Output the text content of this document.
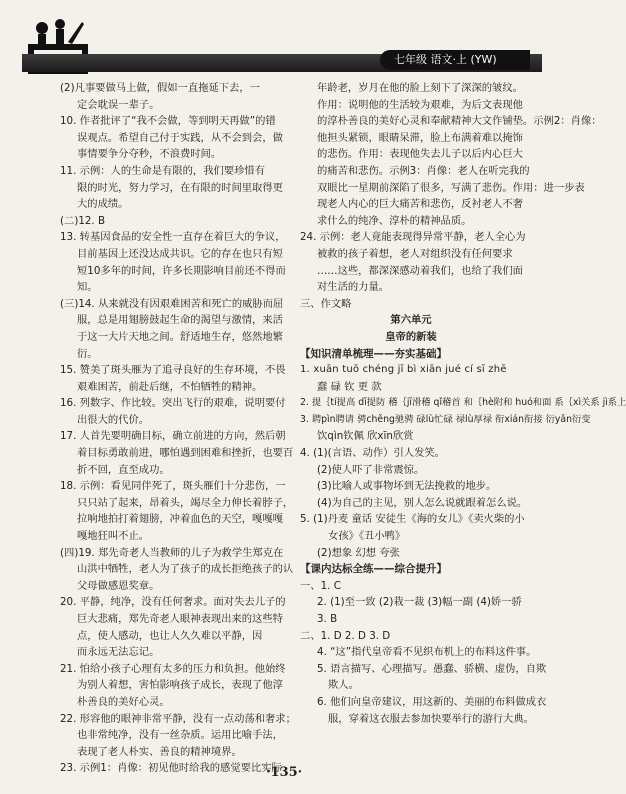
七年级 语文·上 (YW)
(2)凡事要做马上做，假如一直拖延下去，一
定会耽误一辈子。
10. 作者批评了“我不会做，等到明天再做”的错
误观点。希望自己付于实践，从不会到会，做
事情要争分夺秒，不浪费时间。
11. 示例：人的生命是有限的，我们要珍惜有
限的时光，努力学习，在有限的时间里取得更
大的成绩。
(二)12. B
13. 转基因食品的安全性一直存在着巨大的争议，
目前基因上还没达成共识。它的存在也只有短
短10多年的时间，许多长期影响目前还不得而
知。
(三)14. 从来就没有因艰难困苦和死亡的威胁而屈
服，总是用翅膀鼓起生命的渴望与激情，来活
于这一大片天地之间。舒适地生存，悠然地繁
衍。
15. 赞美了斑头雁为了追寻良好的生存环境，不畏
艰难困苦，前赴后继，不怕牺牲的精神。
16. 列数字、作比较。突出飞行的艰难，说明要付
出很大的代价。
17. 人首先要明确目标，确立前进的方向，然后朝
着目标勇敢前进，哪怕遇到困难和挫折，也要百
折不回，直至成功。
18. 示例：看见同伴死了，斑头雁们十分悲伤，一
只只站了起来，昂着头，竭尽全力伸长着脖子，
拉响地拍打着翅膀，冲着血色的天空，嘎嘎嘎
嘎地狂叫不止。
(四)19. 郑先奇老人当教师的儿子为救学生郑克在
山洪中牺牲，老人为了孩子的成长拒绝孩子的认
父母做感恩奖章。
20. 平静，纯净，没有任何奢求。面对失去儿子的
巨大悲痛，郑先奇老人眼神表现出来的这些特
点，使人感动，也让人久久难以平静，因
而永远无法忘记。
21. 怕给小孩子心理有太多的压力和负担。他始终
为别人着想，害怕影响孩子成长，表现了他淳
朴善良的美好心灵。
22. 形容他的眼神非常平静，没有一点动荡和奢求；
也非常纯净，没有一丝杂质。运用比喻手法，
表现了老人朴实、善良的精神境界。
23. 示例1：肖像：初见他时给我的感觉要比实际
年龄老，岁月在他的脸上刻下了深深的皱纹。
作用：说明他的生活较为艰难，为后文表现他
的淳朴善良的美好心灵和奉献精神大文作铺垫。示例2：肖像：
他担头紧锁，眼睛呆滞，脸上布满着难以掩饰
的悲伤。作用：表现他失去儿子以后内心巨大
的痛苦和悲伤。示例3：肖像：老人在听完我的
双眼比一星期前深陷了很多，写满了悲伤。作用：进一步表
现老人内心的巨大痛苦和悲伤，反衬老人不奢
求什么的纯净、淳朴的精神品质。
24. 示例：老人竟能表现得异常平静，老人全心为
被救的孩子着想，老人对组织没有任何要求
……这些，都深深感动着我们，也给了我们面
对生活的力量。
三、作文略
第六单元
皇帝的新装
【知识清单梳理——夯实基础】
1. xuān tuō chéng jī bì xiān jué cí sī zhē
蠢 碌 钦 更 款
2. 提｛tí提高 dī提防 稽｛jī滑稽 qǐ稽首 和｛hè附和 huó和面 系｛xì关系 jì系上
3. 聘pìn聘请 骋chěng驰骋 碌lù忙碌 禄lù厚禄 衔xián衔接 衍yǎn衍变
饮qìn钦佩 欣xīn欣赏
4. (1)(言语、动作）引人发笑。
(2)使人吓了非常震惊。
(3)比喻人或事物坏到无法挽救的地步。
(4)为自己的主见，别人怎么说就跟着怎么说。
5. (1)丹麦 童话 安徒生《海的女儿》《卖火柴的小
女孩》《丑小鸭》
(2)想象 幻想 夸张
【课内达标全练——综合提升】
一、1. C
2. (1)至一致 (2)栽一裁 (3)幅一副 (4)娇一骄
3. B
二、1. D 2. D 3. D
4. “这”指代皇帝看不见织布机上的布料这件事。
5. 语言描写、心理描写。愚蠢、骄横、虚伪，自欺
欺人。
6. 他们向皇帝建议，用这新的、美丽的布料做成衣
服，穿着这衣服去参加快要举行的游行大典。
·135·
